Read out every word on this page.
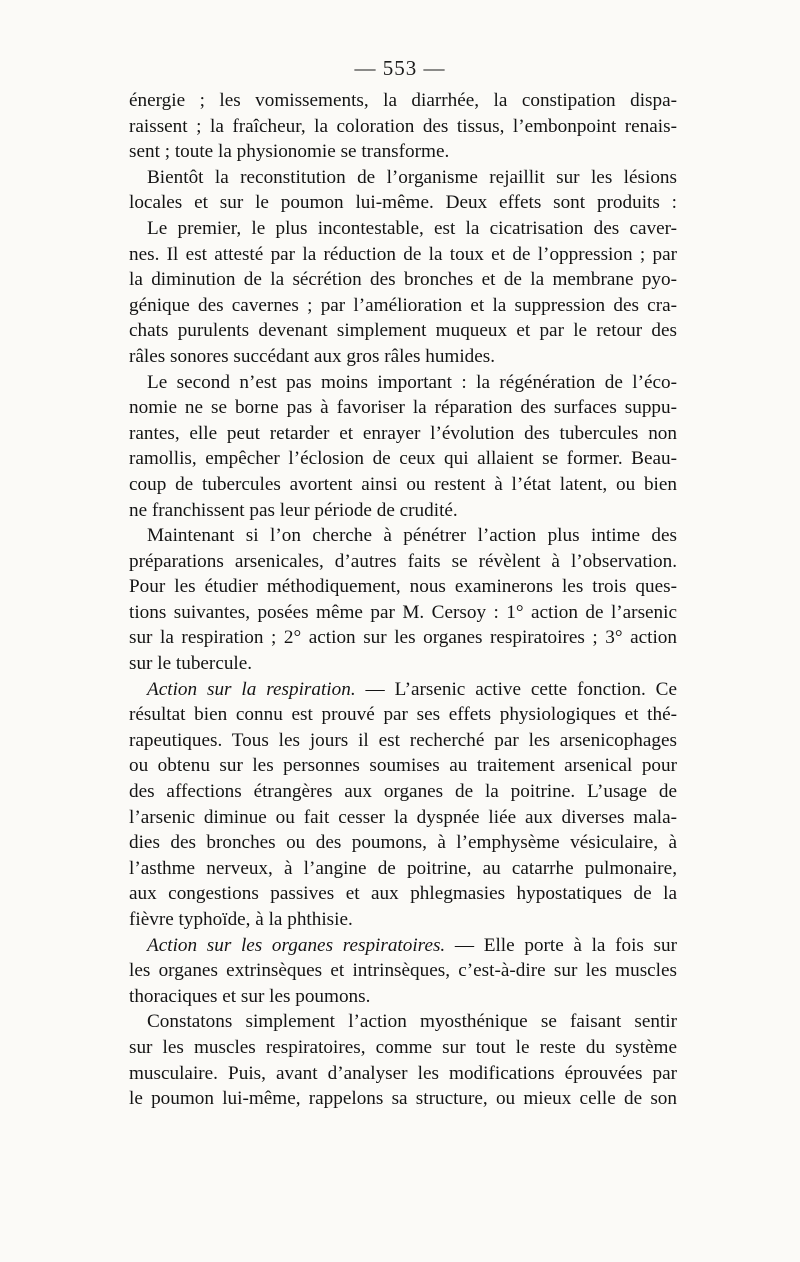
— 553 —
énergie ; les vomissements, la diarrhée, la constipation dispa-
raissent ; la fraîcheur, la coloration des tissus, l’embonpoint renais-
sent ; toute la physionomie se transforme.
Bientôt la reconstitution de l’organisme rejaillit sur les lésions
locales et sur le poumon lui-même. Deux effets sont produits :
Le premier, le plus incontestable, est la cicatrisation des caver-
nes. Il est attesté par la réduction de la toux et de l’oppression ; par
la diminution de la sécrétion des bronches et de la membrane pyo-
génique des cavernes ; par l’amélioration et la suppression des cra-
chats purulents devenant simplement muqueux et par le retour des
râles sonores succédant aux gros râles humides.
Le second n’est pas moins important : la régénération de l’éco-
nomie ne se borne pas à favoriser la réparation des surfaces suppu-
rantes, elle peut retarder et enrayer l’évolution des tubercules non
ramollis, empêcher l’éclosion de ceux qui allaient se former. Beau-
coup de tubercules avortent ainsi ou restent à l’état latent, ou bien
ne franchissent pas leur période de crudité.
Maintenant si l’on cherche à pénétrer l’action plus intime des
préparations arsenicales, d’autres faits se révèlent à l’observation.
Pour les étudier méthodiquement, nous examinerons les trois ques-
tions suivantes, posées même par M. Cersoy : 1° action de l’arsenic
sur la respiration ; 2° action sur les organes respiratoires ; 3° action
sur le tubercule.
Action sur la respiration. — L’arsenic active cette fonction. Ce
résultat bien connu est prouvé par ses effets physiologiques et thé-
rapeutiques. Tous les jours il est recherché par les arsenicophages
ou obtenu sur les personnes soumises au traitement arsenical pour
des affections étrangères aux organes de la poitrine. L’usage de
l’arsenic diminue ou fait cesser la dyspnée liée aux diverses mala-
dies des bronches ou des poumons, à l’emphysème vésiculaire, à
l’asthme nerveux, à l’angine de poitrine, au catarrhe pulmonaire,
aux congestions passives et aux phlegmasies hypostatiques de la
fièvre typhoïde, à la phthisie.
Action sur les organes respiratoires. — Elle porte à la fois sur
les organes extrinsèques et intrinsèques, c’est-à-dire sur les muscles
thoraciques et sur les poumons.
Constatons simplement l’action myosthénique se faisant sentir
sur les muscles respiratoires, comme sur tout le reste du système
musculaire. Puis, avant d’analyser les modifications éprouvées par
le poumon lui-même, rappelons sa structure, ou mieux celle de son
